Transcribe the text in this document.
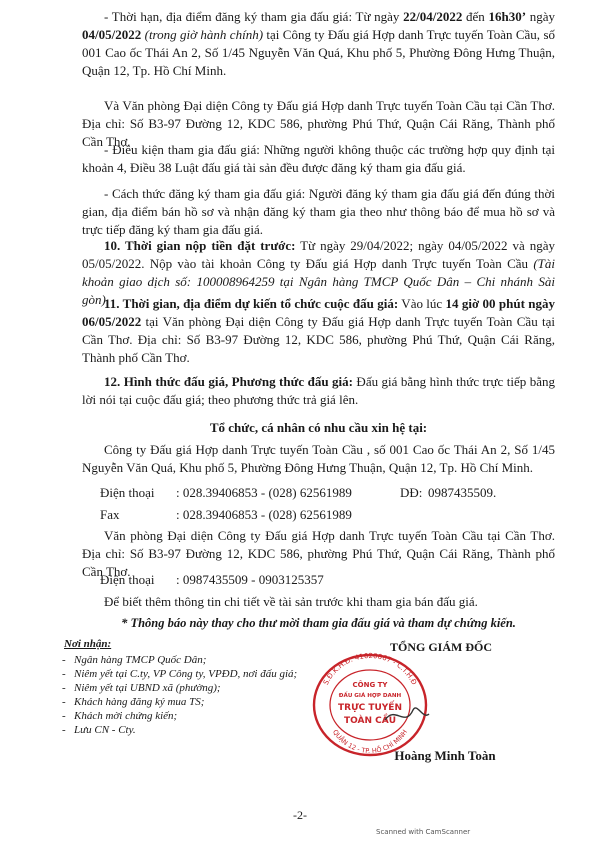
- Thời hạn, địa điểm đăng ký tham gia đấu giá: Từ ngày 22/04/2022 đến 16h30’ ngày 04/05/2022 (trong giờ hành chính) tại Công ty Đấu giá Hợp danh Trực tuyến Toàn Cầu, số 001 Cao ốc Thái An 2, Số 1/45 Nguyễn Văn Quá, Khu phố 5, Phường Đông Hưng Thuận, Quận 12, Tp. Hồ Chí Minh.

Và Văn phòng Đại diện Công ty Đấu giá Hợp danh Trực tuyến Toàn Cầu tại Cần Thơ. Địa chỉ: Số B3-97 Đường 12, KDC 586, phường Phú Thứ, Quận Cái Răng, Thành phố Cần Thơ.

- Điều kiện tham gia đấu giá: Những người không thuộc các trường hợp quy định tại khoản 4, Điều 38 Luật đấu giá tài sản đều được đăng ký tham gia đấu giá.

- Cách thức đăng ký tham gia đấu giá: Người đăng ký tham gia đấu giá đến đúng thời gian, địa điểm bán hồ sơ và nhận đăng ký tham gia theo như thông báo để mua hồ sơ và trực tiếp đăng ký tham gia đấu giá.

10. Thời gian nộp tiền đặt trước: Từ ngày 29/04/2022; ngày 04/05/2022 và ngày 05/05/2022. Nộp vào tài khoản Công ty Đấu giá Hợp danh Trực tuyến Toàn Cầu (Tài khoản giao dịch số: 100008964259 tại Ngân hàng TMCP Quốc Dân – Chi nhánh Sài gòn).

11. Thời gian, địa điểm dự kiến tổ chức cuộc đấu giá: Vào lúc 14 giờ 00 phút ngày 06/05/2022 tại Văn phòng Đại diện Công ty Đấu giá Hợp danh Trực tuyến Toàn Cầu tại Cần Thơ. Địa chỉ: Số B3-97 Đường 12, KDC 586, phường Phú Thứ, Quận Cái Răng, Thành phố Cần Thơ.

12. Hình thức đấu giá, Phương thức đấu giá: Đấu giá bằng hình thức trực tiếp bằng lời nói tại cuộc đấu giá; theo phương thức trả giá lên.

Tổ chức, cá nhân có nhu cầu xin hệ tại:

Công ty Đấu giá Hợp danh Trực tuyến Toàn Cầu , số 001 Cao ốc Thái An 2, Số 1/45 Nguyễn Văn Quá, Khu phố 5, Phường Đông Hưng Thuận, Quận 12, Tp. Hồ Chí Minh.

Điện thoại : 028.39406853 - (028) 62561989	DĐ: 0987435509.
Fax	: 028.39406853 - (028) 62561989

Văn phòng Đại diện Công ty Đấu giá Hợp danh Trực tuyến Toàn Cầu tại Cần Thơ. Địa chỉ: Số B3-97 Đường 12, KDC 586, phường Phú Thứ, Quận Cái Răng, Thành phố Cần Thơ.

Điện thoại : 0987435509 - 0903125357
Nơi nhận:
- Ngân hàng TMCP Quốc Dân;
- Niêm yết tại C.ty, VP Công ty, VPĐD, nơi đấu giá;
- Niêm yết tại UBND xã (phường);
- Khách hàng đăng ký mua TS;
- Khách mời chứng kiến;
- Lưu CN - Cty.
TỔNG GIÁM ĐỐC
S.Đ.K.H.Đ: 41020067 - C.T.H.Đ
QUẬN 12 - TP. HỒ CHÍ MINH
CÔNG TY
ĐẤU GIÁ HỢP DANH
TRỰC TUYẾN
TOÀN CẦU
Hoàng Minh Toàn
-2-
Scanned with CamScanner

Để biết thêm thông tin chi tiết về tài sản trước khi tham gia bán đấu giá.

* Thông báo này thay cho thư mời tham gia đấu giá và tham dự chứng kiến.
